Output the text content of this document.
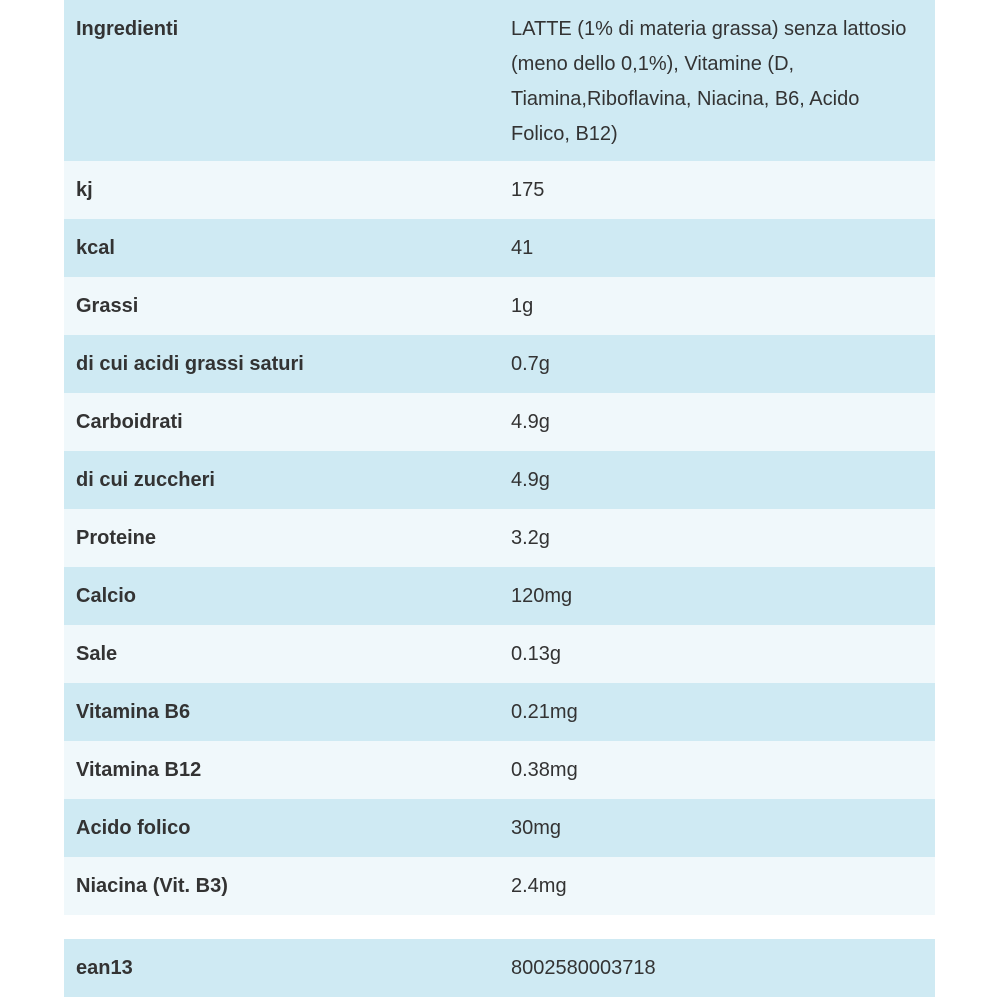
Ingredienti	LATTE (1% di materia grassa) senza lattosio (meno dello 0,1%), Vitamine (D, Tiamina,Riboflavina, Niacina, B6, Acido Folico, B12)
kj	175
kcal	41
Grassi	1g
di cui acidi grassi saturi	0.7g
Carboidrati	4.9g
di cui zuccheri	4.9g
Proteine	3.2g
Calcio	120mg
Sale	0.13g
Vitamina B6	0.21mg
Vitamina B12	0.38mg
Acido folico	30mg
Niacina (Vit. B3)	2.4mg
ean13	8002580003718
